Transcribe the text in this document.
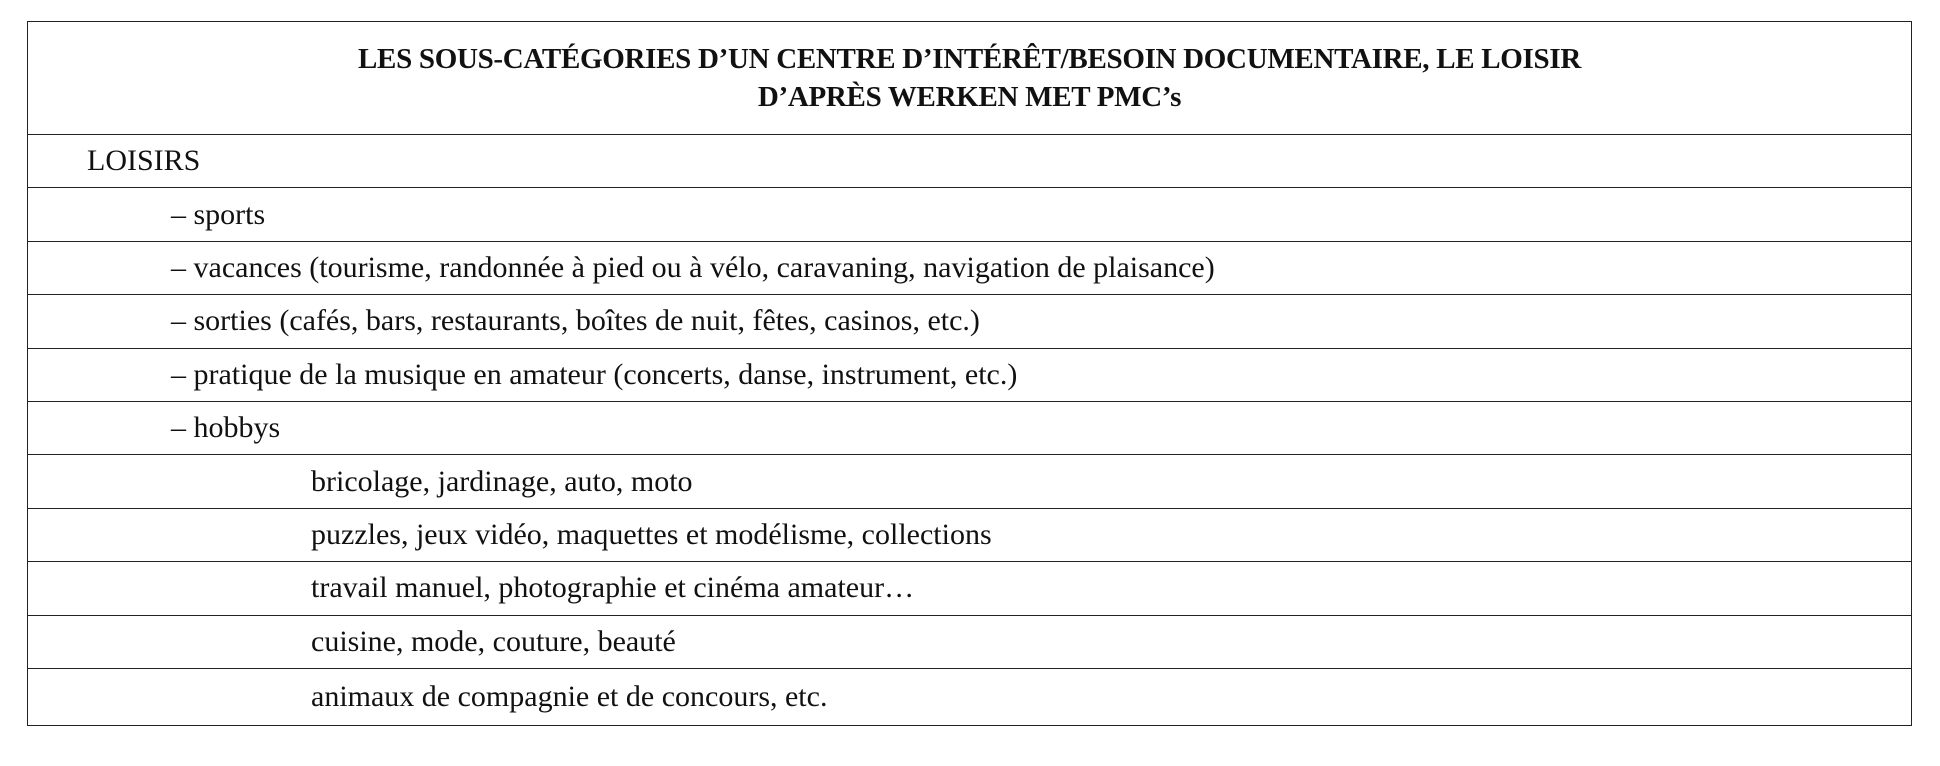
LES SOUS-CATÉGORIES D’UN CENTRE D’INTÉRÊT/BESOIN DOCUMENTAIRE, LE LOISIR
D’APRÈS WERKEN MET PMC’s
LOISIRS
– sports
– vacances (tourisme, randonnée à pied ou à vélo, caravaning, navigation de plaisance)
– sorties (cafés, bars, restaurants, boîtes de nuit, fêtes, casinos, etc.)
– pratique de la musique en amateur (concerts, danse, instrument, etc.)
– hobbys
bricolage, jardinage, auto, moto
puzzles, jeux vidéo, maquettes et modélisme, collections
travail manuel, photographie et cinéma amateur…
cuisine, mode, couture, beauté
animaux de compagnie et de concours, etc.
